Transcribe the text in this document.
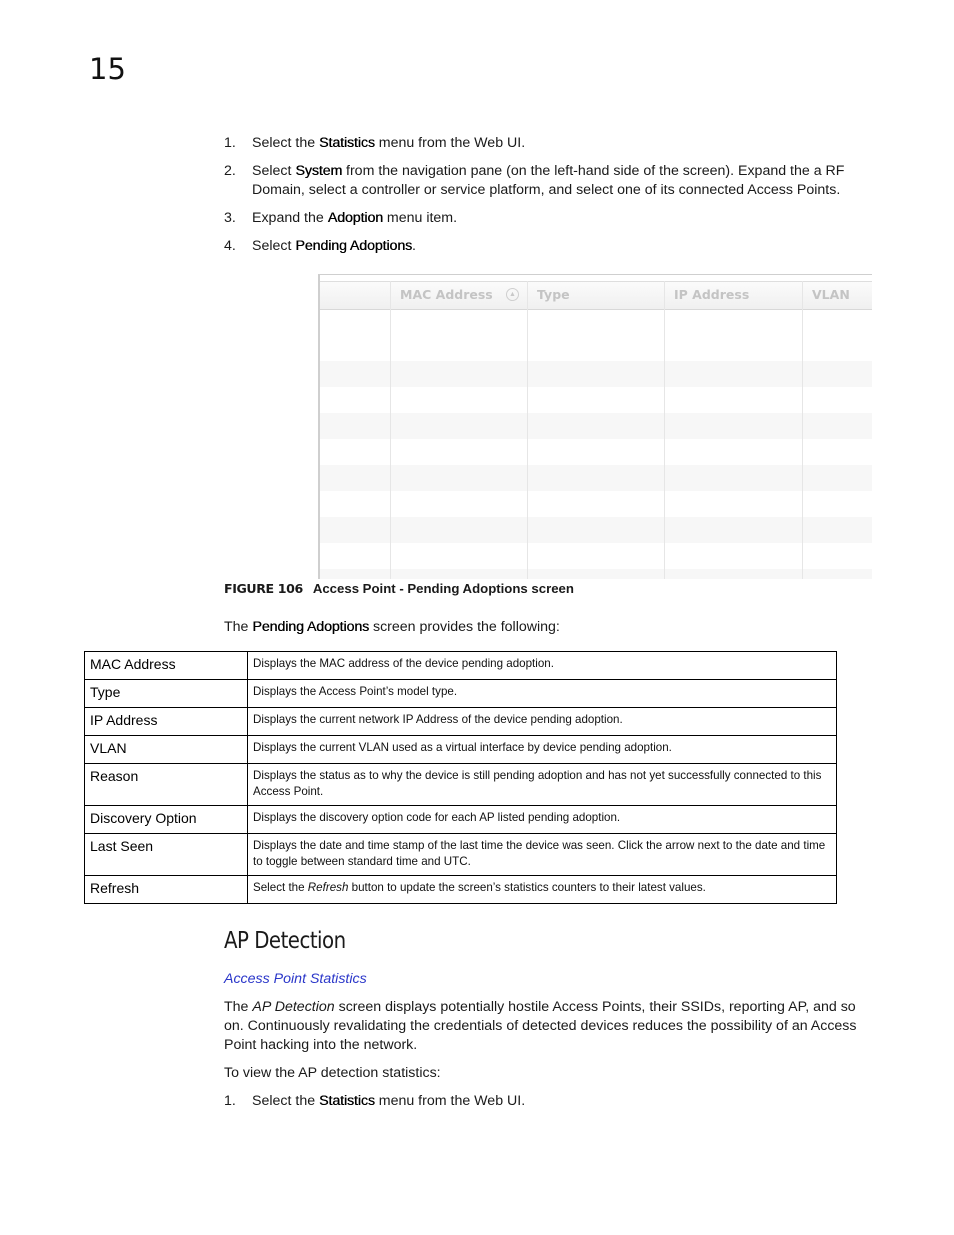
15
1. Select the Statistics menu from the Web UI.
2. Select System from the navigation pane (on the left-hand side of the screen). Expand the a RF Domain, select a controller or service platform, and select one of its connected Access Points.
3. Expand the Adoption menu item.
4. Select Pending Adoptions.
MAC Address	▲ Type	IP Address	VLAN
FIGURE 106 Access Point - Pending Adoptions screen
The Pending Adoptions screen provides the following:
MAC Address	Displays the MAC address of the device pending adoption.
Type	Displays the Access Point’s model type.
IP Address	Displays the current network IP Address of the device pending adoption.
VLAN	Displays the current VLAN used as a virtual interface by device pending adoption.
Reason	Displays the status as to why the device is still pending adoption and has not yet successfully connected to this Access Point.
Discovery Option	Displays the discovery option code for each AP listed pending adoption.
Last Seen	Displays the date and time stamp of the last time the device was seen. Click the arrow next to the date and time to toggle between standard time and UTC.
Refresh	Select the Refresh button to update the screen’s statistics counters to their latest values.
AP Detection
Access Point Statistics
The AP Detection screen displays potentially hostile Access Points, their SSIDs, reporting AP, and so on. Continuously revalidating the credentials of detected devices reduces the possibility of an Access Point hacking into the network.
To view the AP detection statistics:
1. Select the Statistics menu from the Web UI.
